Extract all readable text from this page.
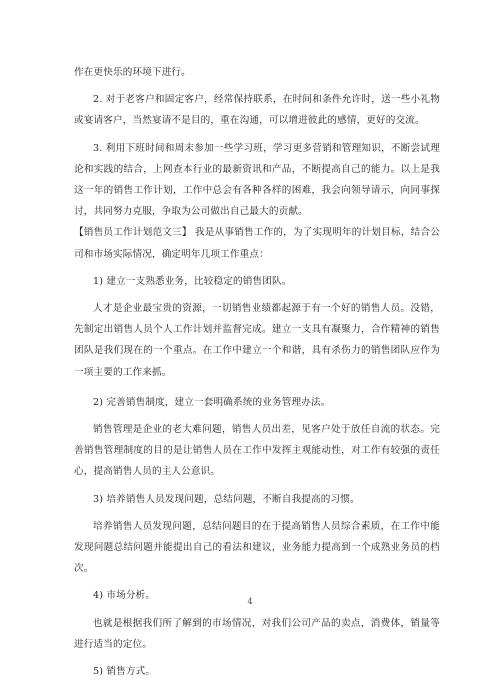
作在更快乐的环境下进行。

2. 对于老客户和固定客户，经常保持联系，在时间和条件允许时，送一些小礼物或宴请客户，当然宴请不是目的，重在沟通，可以增进彼此的感情，更好的交流。

3. 利用下班时间和周末参加一些学习班，学习更多营销和管理知识，不断尝试理论和实践的结合，上网查本行业的最新资讯和产品，不断提高自己的能力。以上是我这一年的销售工作计划，工作中总会有各种各样的困难，我会向领导请示，向同事探讨，共同努力克服，争取为公司做出自己最大的贡献。

【销售员工作计划范文三】 我是从事销售工作的，为了实现明年的计划目标，结合公司和市场实际情况，确定明年几项工作重点：

1) 建立一支熟悉业务，比较稳定的销售团队。

人才是企业最宝贵的资源，一切销售业绩都起源于有一个好的销售人员。没错，先制定出销售人员个人工作计划并监督完成。建立一支具有凝聚力，合作精神的销售团队是我们现在的一个重点。在工作中建立一个和谐，具有杀伤力的销售团队应作为一项主要的工作来抓。

2) 完善销售制度，建立一套明确系统的业务管理办法。

销售管理是企业的老大难问题，销售人员出差，见客户处于放任自流的状态。完善销售管理制度的目的是让销售人员在工作中发挥主观能动性，对工作有较强的责任心，提高销售人员的主人公意识。

3) 培养销售人员发现问题，总结问题，不断自我提高的习惯。

培养销售人员发现问题，总结问题目的在于提高销售人员综合素质，在工作中能发现问题总结问题并能提出自己的看法和建议，业务能力提高到一个成熟业务员的档次。

4) 市场分析。

也就是根据我们所了解到的市场情况，对我们公司产品的卖点，消费体，销量等进行适当的定位。

5) 销售方式。

4
